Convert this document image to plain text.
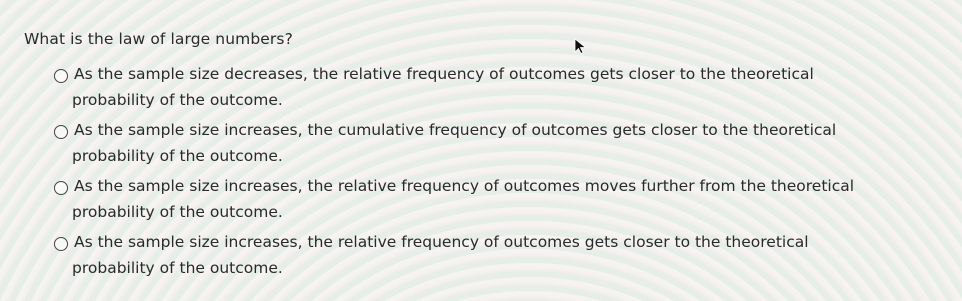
What is the law of large numbers?

As the sample size decreases, the relative frequency of outcomes gets closer to the theoretical
probability of the outcome.
As the sample size increases, the cumulative frequency of outcomes gets closer to the theoretical
probability of the outcome.
As the sample size increases, the relative frequency of outcomes moves further from the theoretical
probability of the outcome.
As the sample size increases, the relative frequency of outcomes gets closer to the theoretical
probability of the outcome.
